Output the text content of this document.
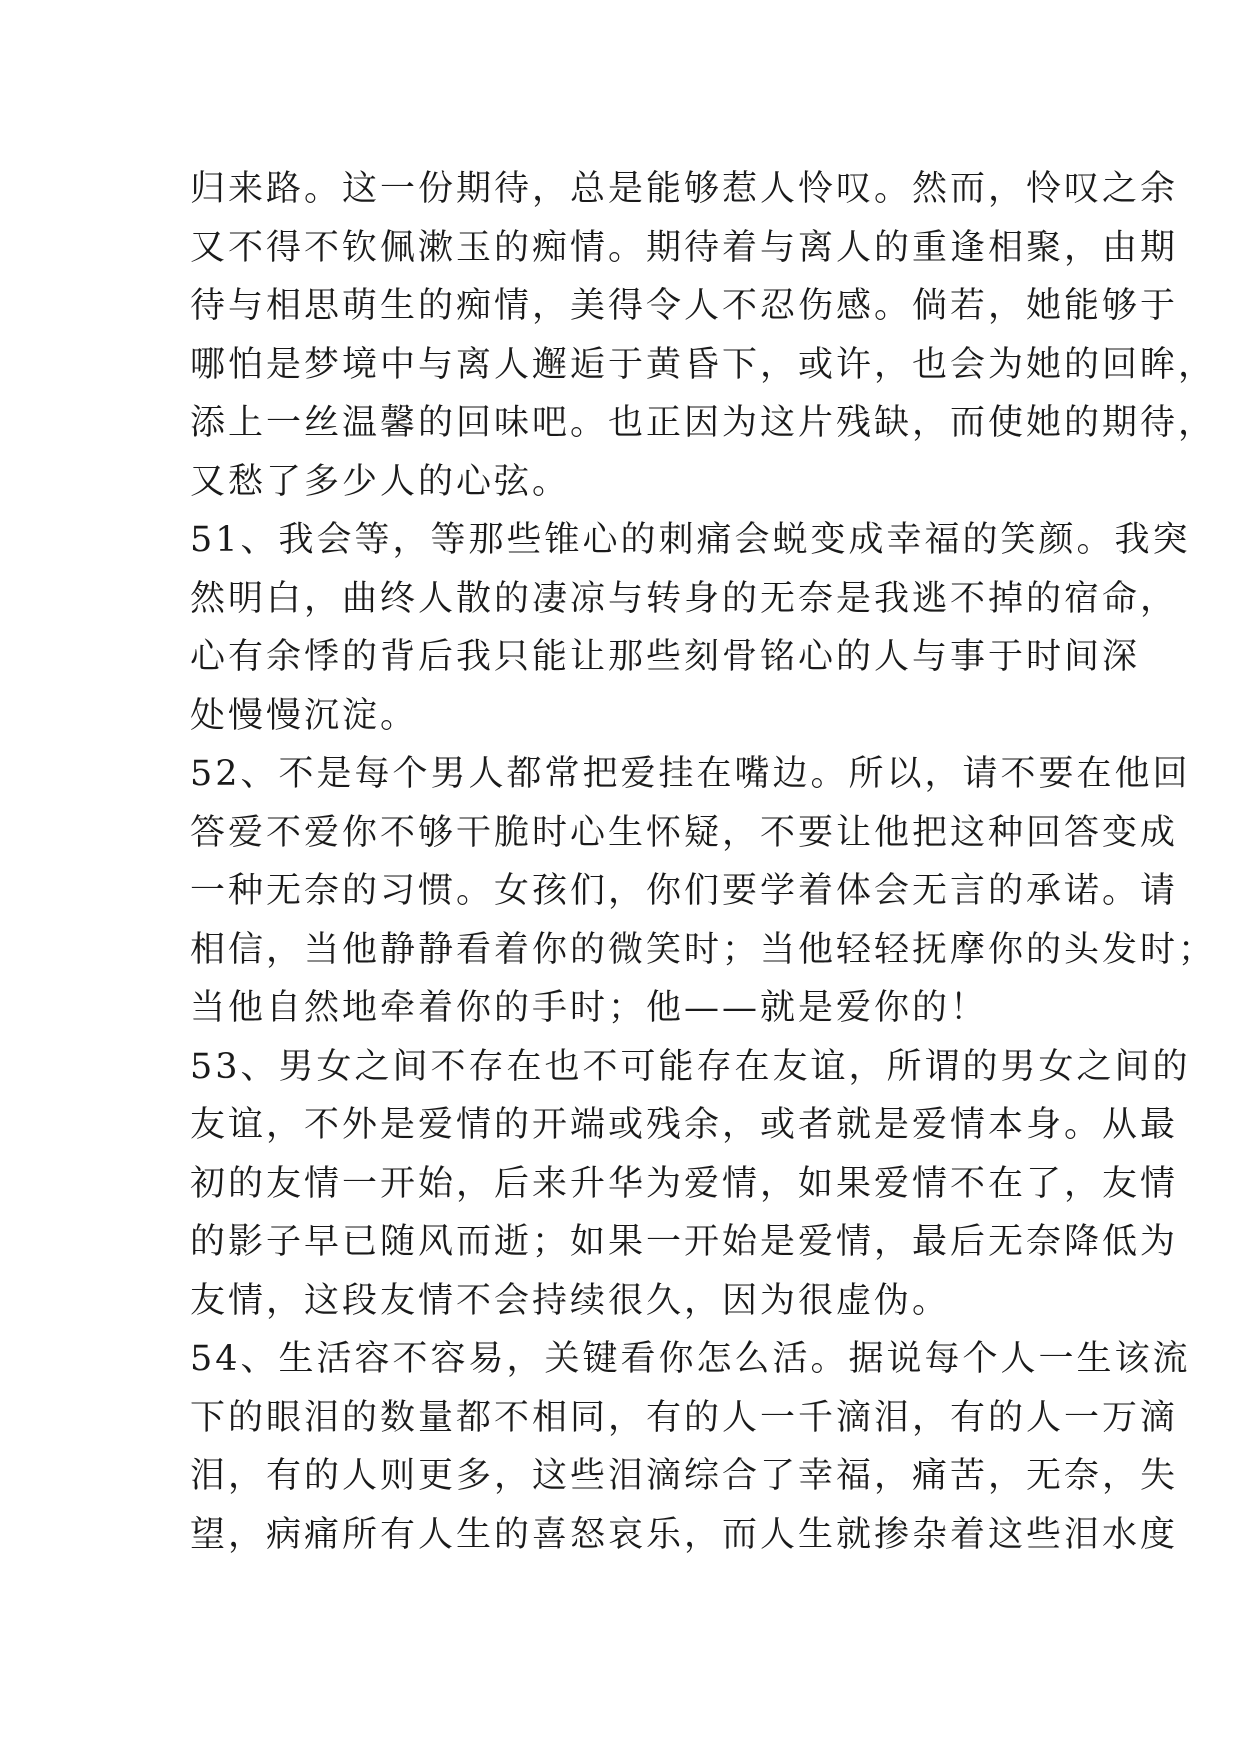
归来路。这一份期待，总是能够惹人怜叹。然而，怜叹之余
又不得不钦佩漱玉的痴情。期待着与离人的重逢相聚，由期
待与相思萌生的痴情，美得令人不忍伤感。倘若，她能够于
哪怕是梦境中与离人邂逅于黄昏下，或许，也会为她的回眸，
添上一丝温馨的回味吧。也正因为这片残缺，而使她的期待，
又愁了多少人的心弦。
51、我会等，等那些锥心的刺痛会蜕变成幸福的笑颜。我突
然明白，曲终人散的凄凉与转身的无奈是我逃不掉的宿命，
心有余悸的背后我只能让那些刻骨铭心的人与事于时间深
处慢慢沉淀。
52、不是每个男人都常把爱挂在嘴边。所以，请不要在他回
答爱不爱你不够干脆时心生怀疑，不要让他把这种回答变成
一种无奈的习惯。女孩们，你们要学着体会无言的承诺。请
相信，当他静静看着你的微笑时；当他轻轻抚摩你的头发时；
当他自然地牵着你的手时；他——就是爱你的！
53、男女之间不存在也不可能存在友谊，所谓的男女之间的
友谊，不外是爱情的开端或残余，或者就是爱情本身。从最
初的友情一开始，后来升华为爱情，如果爱情不在了，友情
的影子早已随风而逝；如果一开始是爱情，最后无奈降低为
友情，这段友情不会持续很久，因为很虚伪。
54、生活容不容易，关键看你怎么活。据说每个人一生该流
下的眼泪的数量都不相同，有的人一千滴泪，有的人一万滴
泪，有的人则更多，这些泪滴综合了幸福，痛苦，无奈，失
望，病痛所有人生的喜怒哀乐，而人生就掺杂着这些泪水度
